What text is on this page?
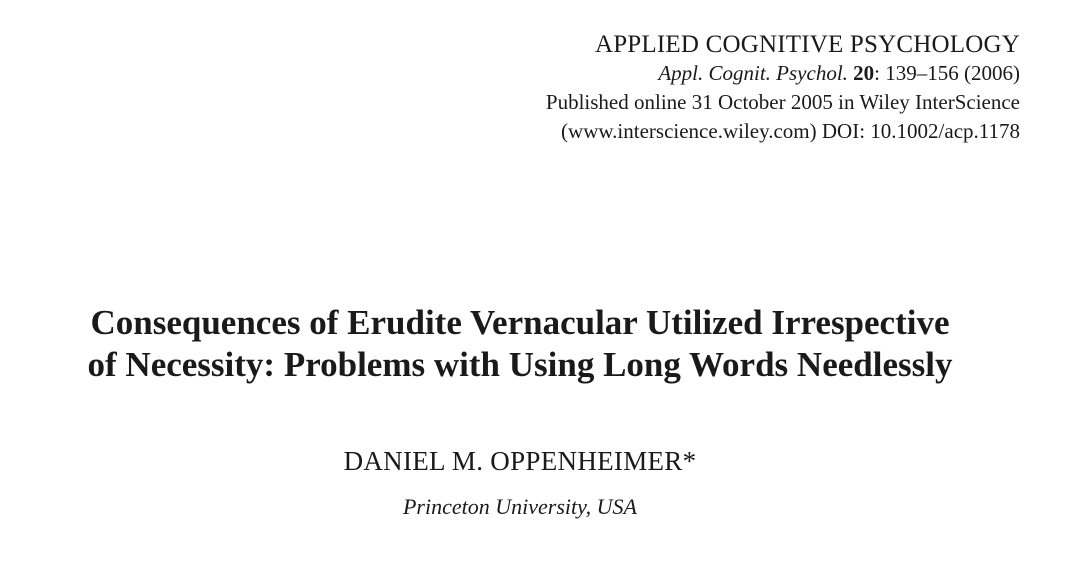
APPLIED COGNITIVE PSYCHOLOGY
Appl. Cognit. Psychol. 20: 139–156 (2006)
Published online 31 October 2005 in Wiley InterScience
(www.interscience.wiley.com) DOI: 10.1002/acp.1178
Consequences of Erudite Vernacular Utilized Irrespective
of Necessity: Problems with Using Long Words Needlessly
DANIEL M. OPPENHEIMER*
Princeton University, USA
